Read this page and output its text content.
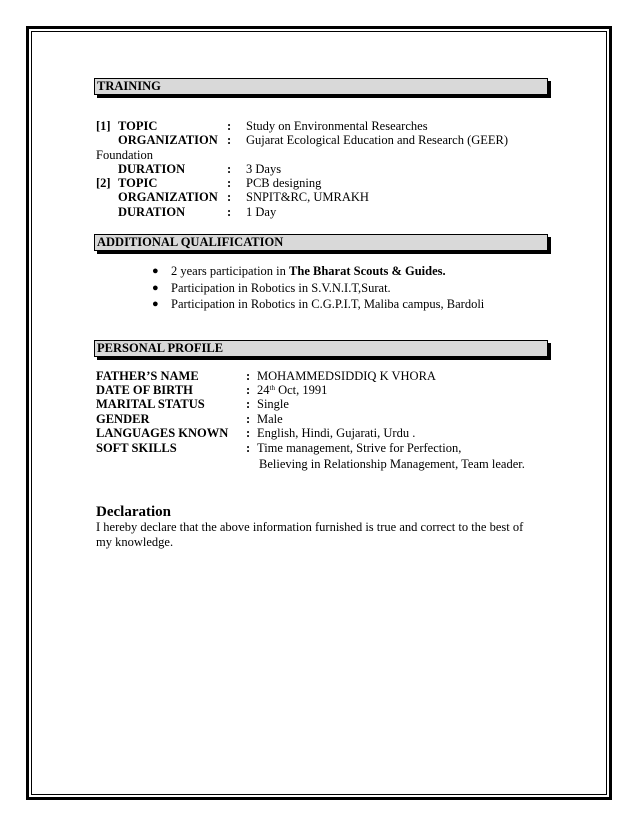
TRAINING
[1] TOPIC	: Study on Environmental Researches
ORGANIZATION : Gujarat Ecological Education and Research (GEER)
Foundation
DURATION	: 3 Days
[2] TOPIC	: PCB designing
ORGANIZATION : SNPIT&RC, UMRAKH
DURATION	: 1 Day
ADDITIONAL QUALIFICATION
● 2 years participation in The Bharat Scouts & Guides.
● Participation in Robotics in S.V.N.I.T,Surat.
● Participation in Robotics in C.G.P.I.T, Maliba campus, Bardoli
PERSONAL PROFILE
FATHER’S NAME	: MOHAMMEDSIDDIQ K VHORA
DATE OF BIRTH	: 24th Oct, 1991
MARITAL STATUS	: Single
GENDER	: Male
LANGUAGES KNOWN : English, Hindi, Gujarati, Urdu .
SOFT SKILLS	: Time management, Strive for Perfection,
Believing in Relationship Management, Team leader.
Declaration
I hereby declare that the above information furnished is true and correct to the best of
my knowledge.
